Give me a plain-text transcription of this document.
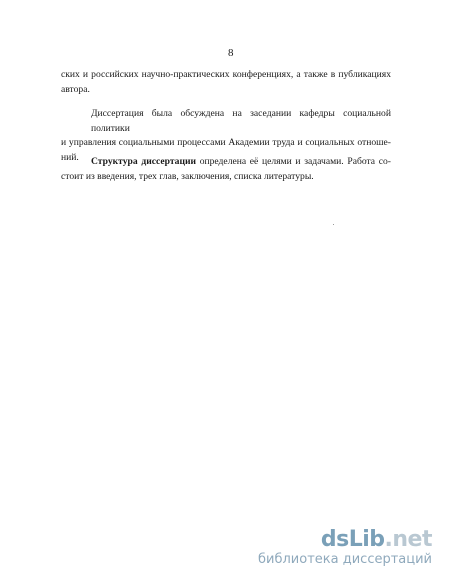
8
ских и российских научно-практических конференциях, а также в публикациях
автора.
Диссертация была обсуждена на заседании кафедры социальной политики
и управления социальными процессами Академии труда и социальных отноше-
ний.	Структура диссертации определена её целями и задачами. Работа со-
стоит из введения, трех глав, заключения, списка литературы.
dsLib.net
библиотека диссертаций
